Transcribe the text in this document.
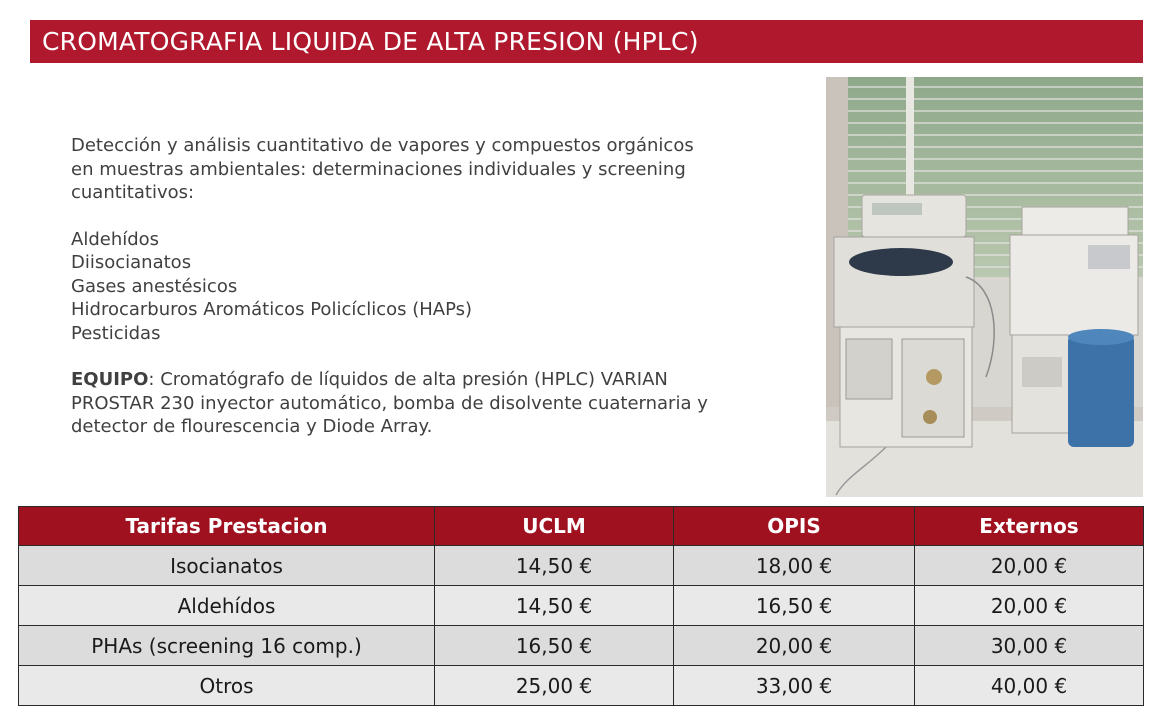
CROMATOGRAFIA LIQUIDA DE ALTA PRESION (HPLC)

Detección y análisis cuantitativo de vapores y compuestos orgánicos

en muestras ambientales: determinaciones individuales y screening

cuantitativos:

Aldehídos
Diisocianatos
Gases anestésicos
Hidrocarburos Aromáticos Policíclicos (HAPs)
Pesticidas

EQUIPO: Cromatógrafo de líquidos de alta presión (HPLC) VARIAN

PROSTAR 230 inyector automático, bomba de disolvente cuaternaria y

detector de flourescencia y Diode Array.

Tarifas Prestacion	UCLM	OPIS	Externos
Isocianatos	14,50 €	18,00 €	20,00 €
Aldehídos	14,50 €	16,50 €	20,00 €
PHAs (screening 16 comp.)	16,50 €	20,00 €	30,00 €
Otros	25,00 €	33,00 €	40,00 €
